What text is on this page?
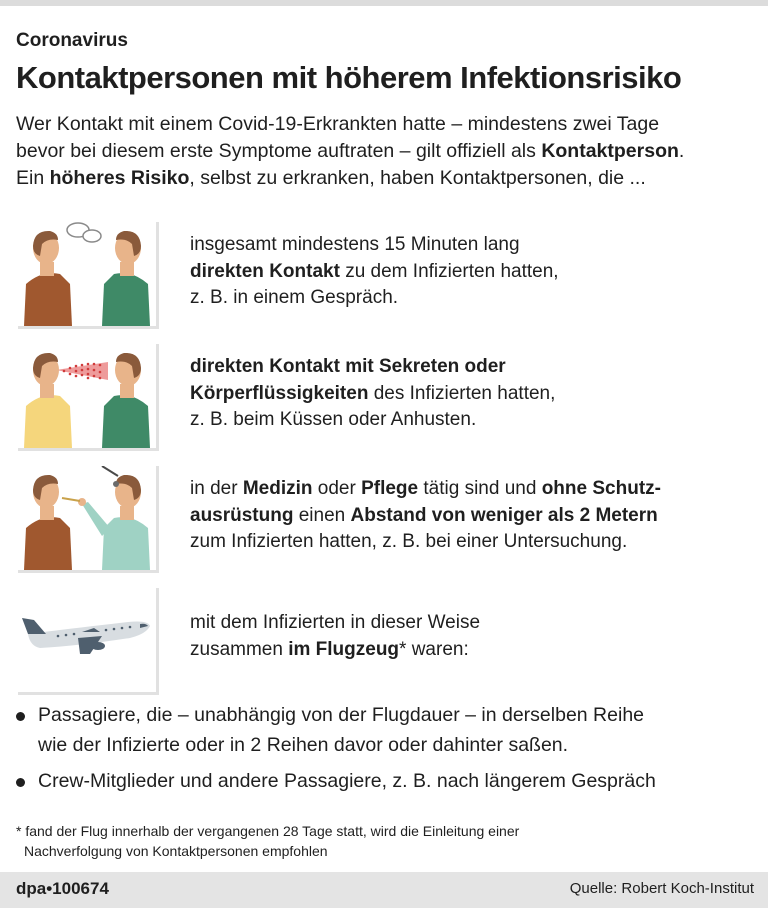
Coronavirus
Kontaktpersonen mit höherem Infektionsrisiko

Wer Kontakt mit einem Covid-19-Erkrankten hatte – mindestens zwei Tage

bevor bei diesem erste Symptome auftraten – gilt offiziell als Kontaktperson.

Ein höheres Risiko, selbst zu erkranken, haben Kontaktpersonen, die ...

insgesamt mindestens 15 Minuten lang

direkten Kontakt zu dem Infizierten hatten,

z. B. in einem Gespräch.

direkten Kontakt mit Sekreten oder

Körperflüssigkeiten des Infizierten hatten,

z. B. beim Küssen oder Anhusten.

in der Medizin oder Pflege tätig sind und ohne Schutz-

ausrüstung einen Abstand von weniger als 2 Metern

zum Infizierten hatten, z. B. bei einer Untersuchung.

mit dem Infizierten in dieser Weise

zusammen im Flugzeug* waren:

Passagiere, die – unabhängig von der Flugdauer – in derselben Reihe

wie der Infizierte oder in 2 Reihen davor oder dahinter saßen.

Crew-Mitglieder und andere Passagiere, z. B. nach längerem Gespräch

* fand der Flug innerhalb der vergangenen 28 Tage statt, wird die Einleitung einer

Nachverfolgung von Kontaktpersonen empfohlen

dpa•100674	Quelle: Robert Koch-Institut
